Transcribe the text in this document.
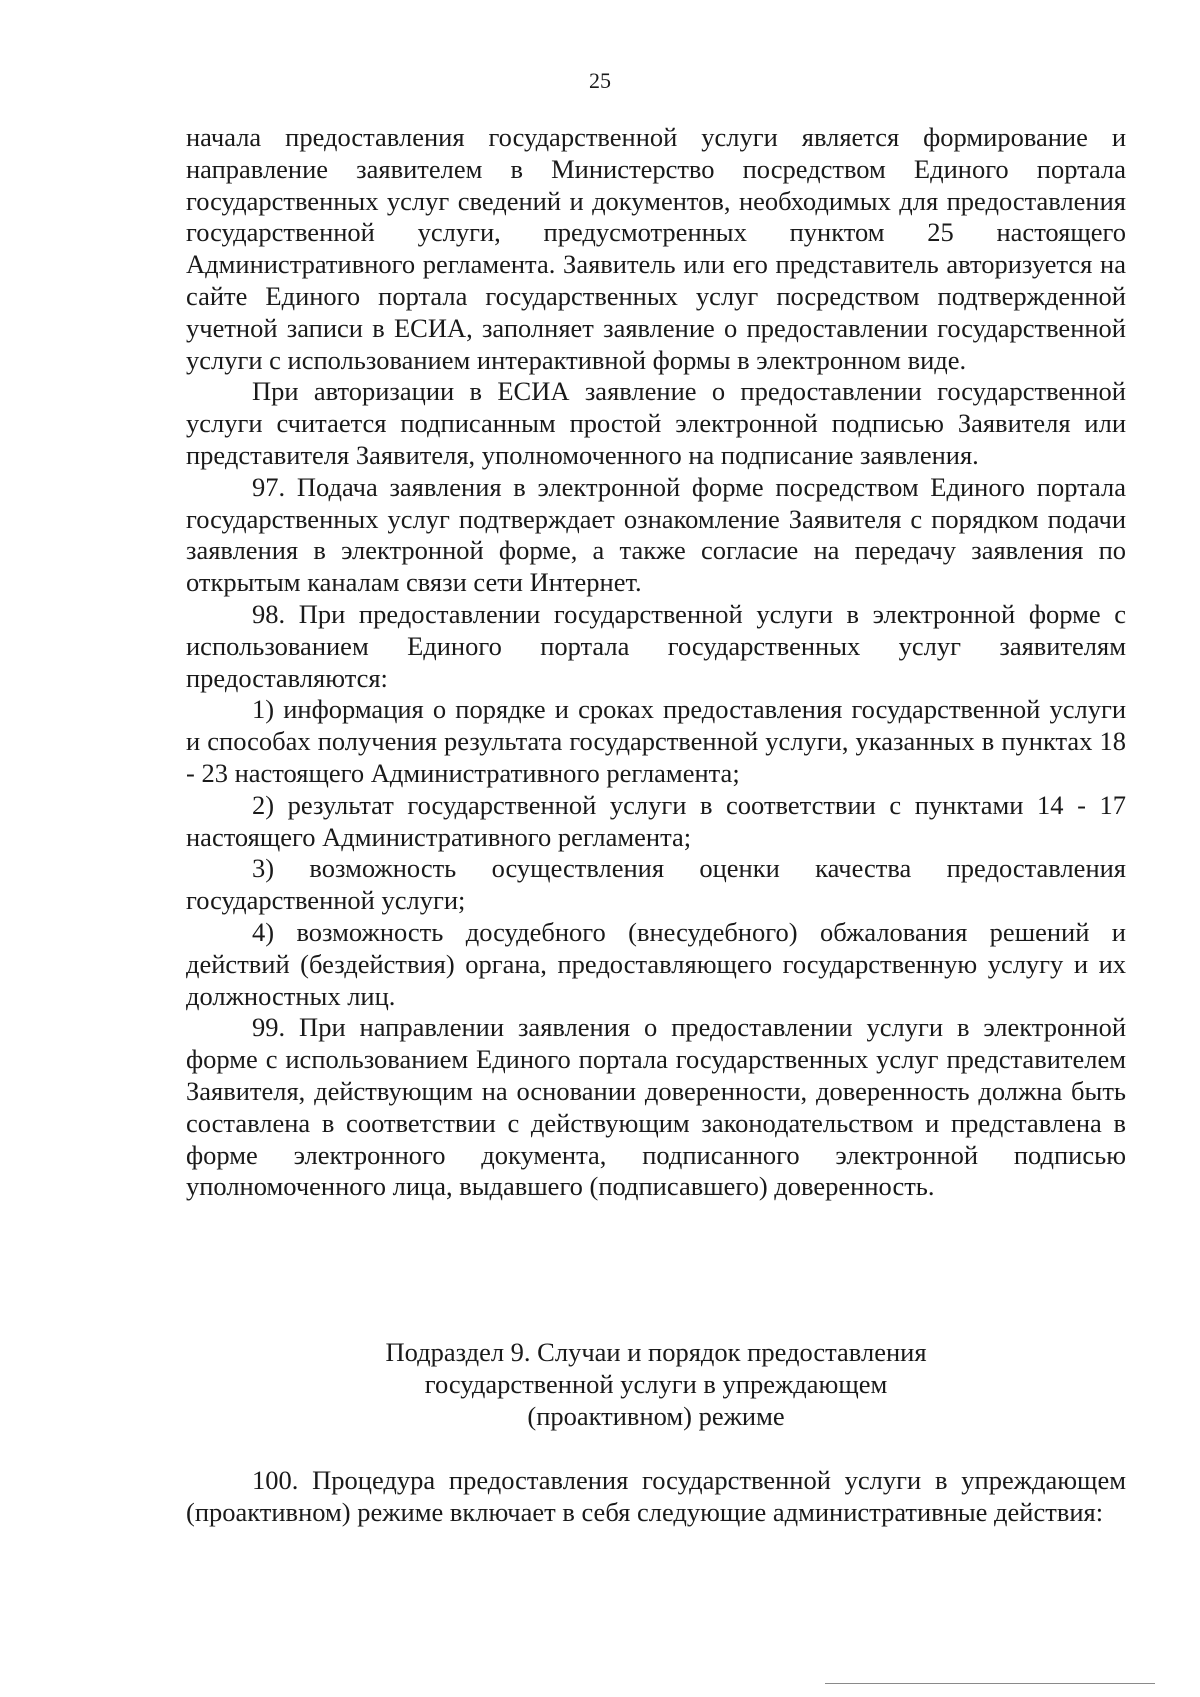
25

начала предоставления государственной услуги является формирование и направление заявителем в Министерство посредством Единого портала государственных услуг сведений и документов, необходимых для предоставления государственной услуги, предусмотренных пунктом 25 настоящего Административного регламента. Заявитель или его представитель авторизуется на сайте Единого портала государственных услуг посредством подтвержденной учетной записи в ЕСИА, заполняет заявление о предоставлении государственной услуги с использованием интерактивной формы в электронном виде.

При авторизации в ЕСИА заявление о предоставлении государственной услуги считается подписанным простой электронной подписью Заявителя или представителя Заявителя, уполномоченного на подписание заявления.

97. Подача заявления в электронной форме посредством Единого портала государственных услуг подтверждает ознакомление Заявителя с порядком подачи заявления в электронной форме, а также согласие на передачу заявления по открытым каналам связи сети Интернет.

98. При предоставлении государственной услуги в электронной форме с использованием Единого портала государственных услуг заявителям предоставляются:

1) информация о порядке и сроках предоставления государственной услуги и способах получения результата государственной услуги, указанных в пунктах 18 - 23 настоящего Административного регламента;

2) результат государственной услуги в соответствии с пунктами 14 - 17 настоящего Административного регламента;

3) возможность осуществления оценки качества предоставления государственной услуги;

4) возможность досудебного (внесудебного) обжалования решений и действий (бездействия) органа, предоставляющего государственную услугу и их должностных лиц.

99. При направлении заявления о предоставлении услуги в электронной форме с использованием Единого портала государственных услуг представителем Заявителя, действующим на основании доверенности, доверенность должна быть составлена в соответствии с действующим законодательством и представлена в форме электронного документа, подписанного электронной подписью уполномоченного лица, выдавшего (подписавшего) доверенность.

Подраздел 9. Случаи и порядок предоставления
государственной услуги в упреждающем
(проактивном) режиме

100. Процедура предоставления государственной услуги в упреждающем (проактивном) режиме включает в себя следующие административные действия:
